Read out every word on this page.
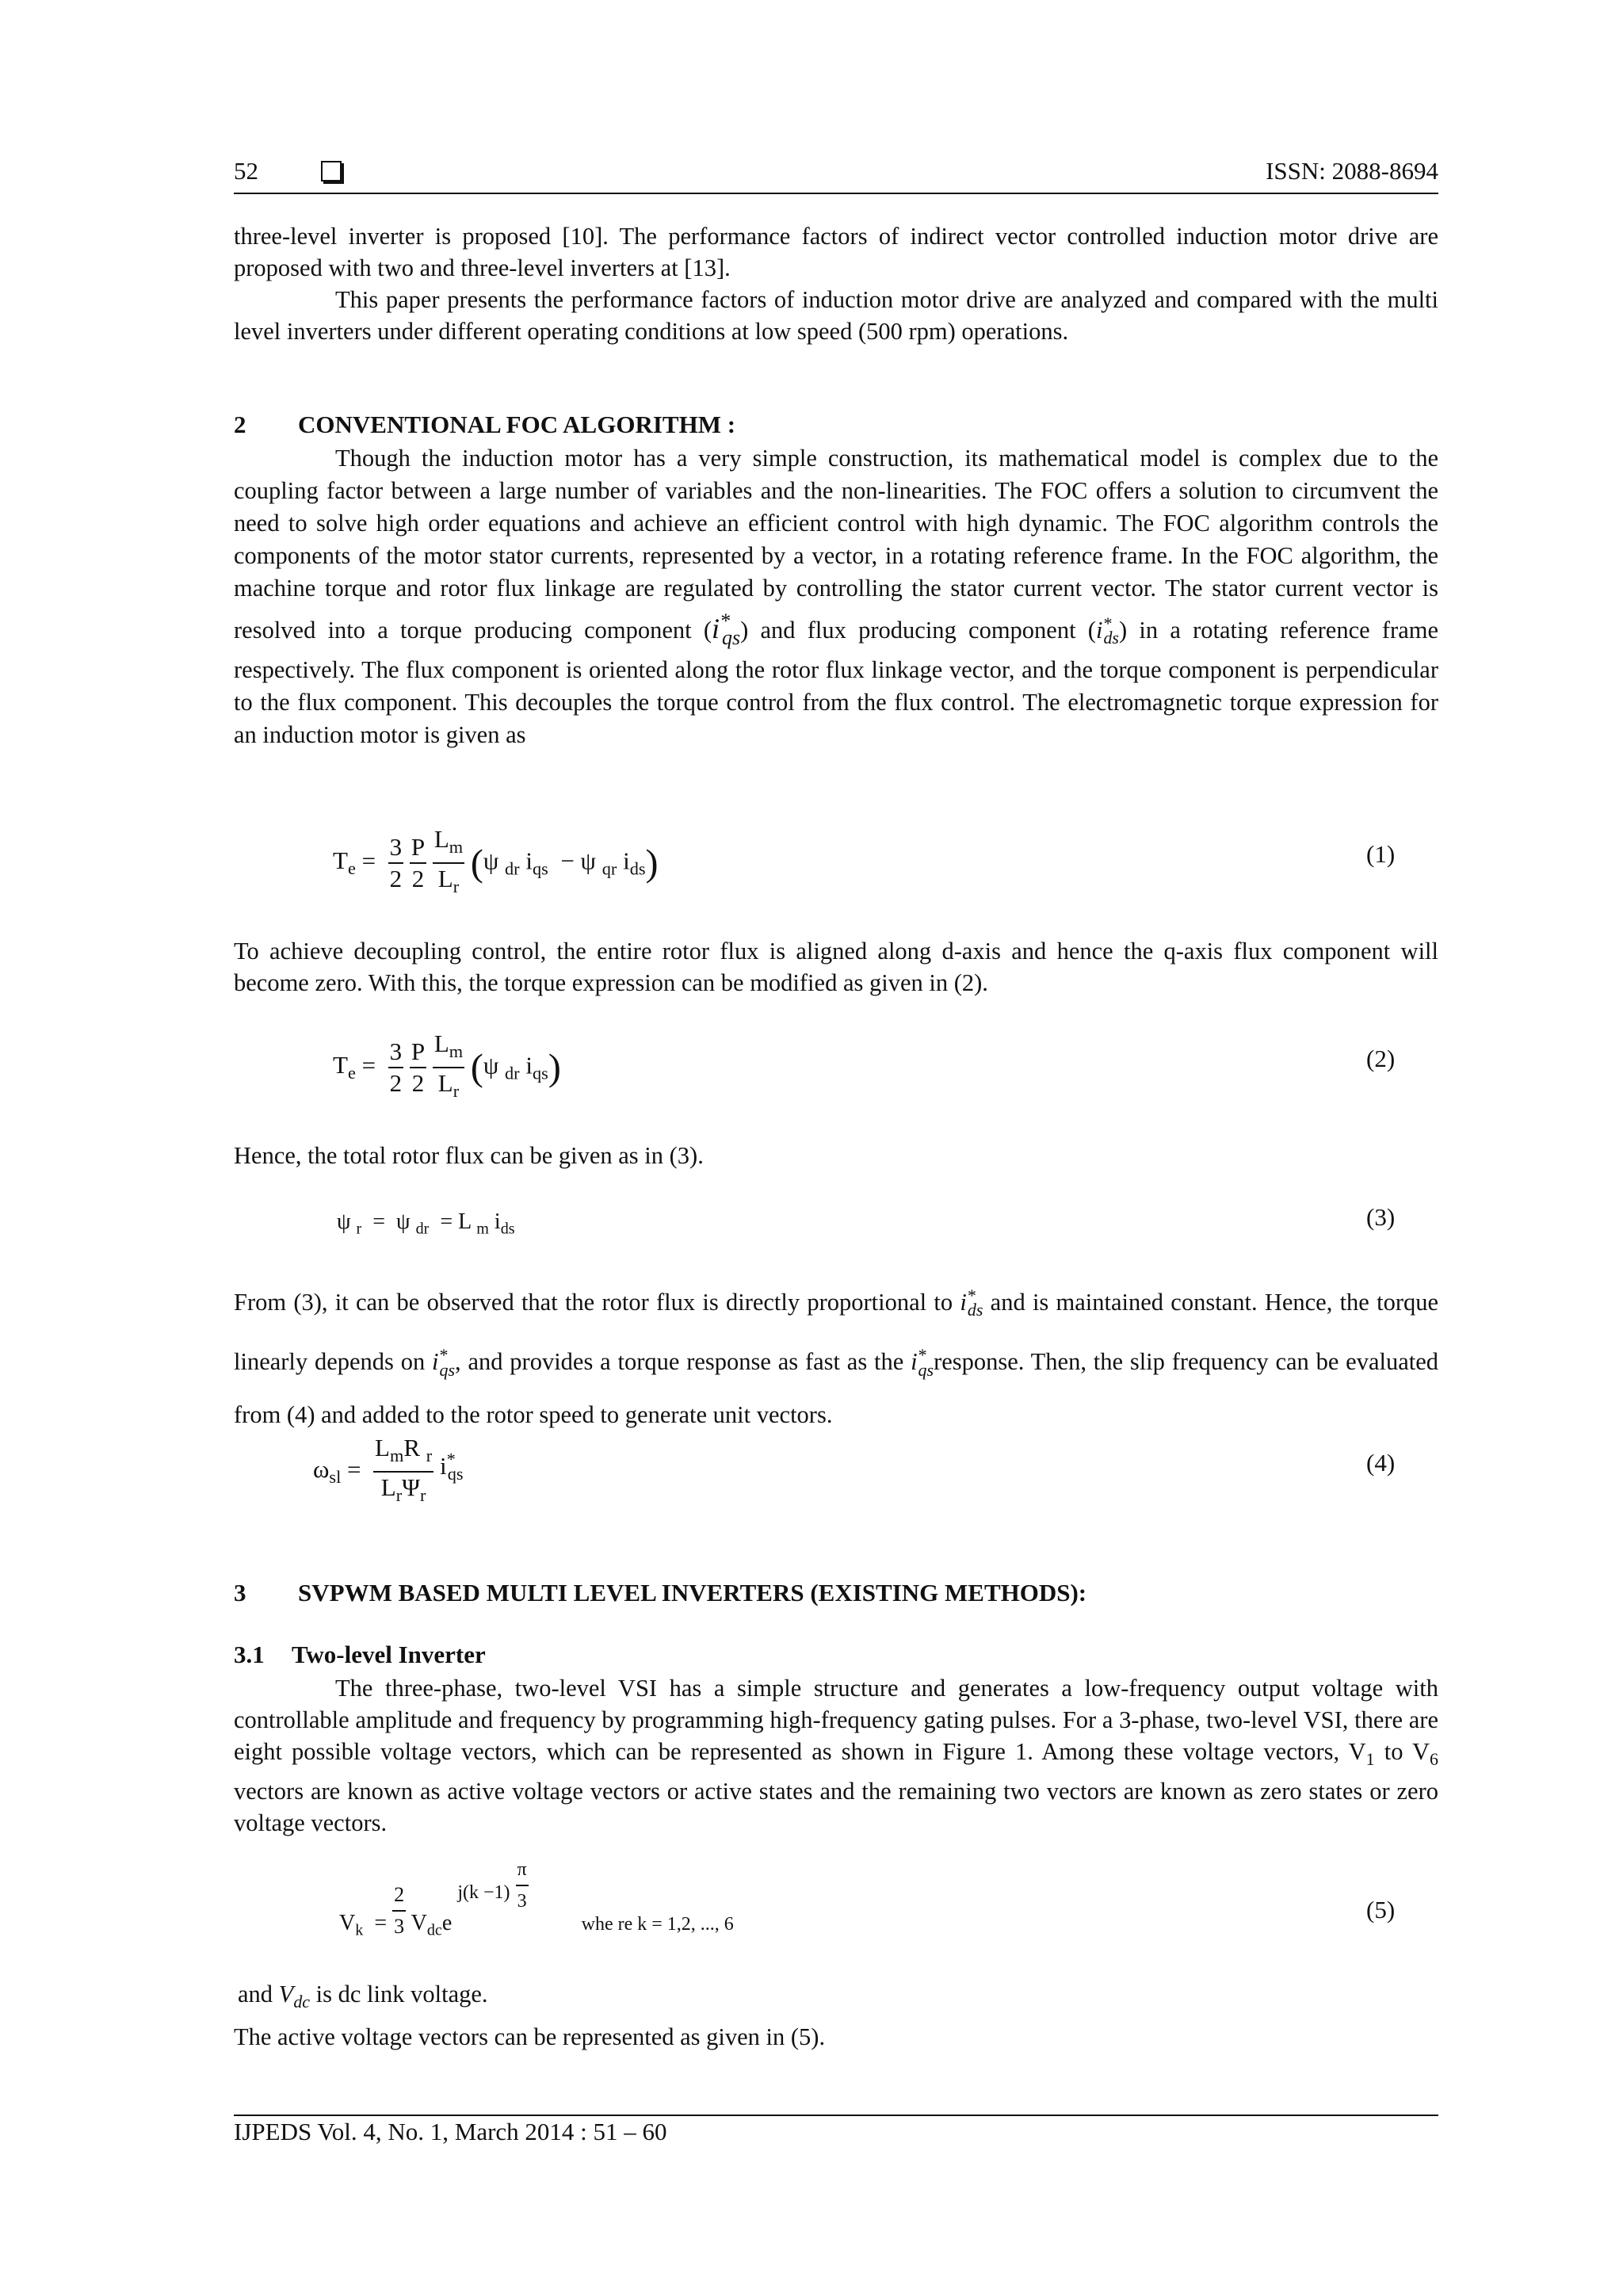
52	ISSN: 2088-8694

three-level inverter is proposed [10]. The performance factors of indirect vector controlled induction motor drive are proposed with two and three-level inverters at [13].

This paper presents the performance factors of induction motor drive are analyzed and compared with the multi level inverters under different operating conditions at low speed (500 rpm) operations.

2 CONVENTIONAL FOC ALGORITHM :

Though the induction motor has a very simple construction, its mathematical model is complex due to the coupling factor between a large number of variables and the non-linearities. The FOC offers a solution to circumvent the need to solve high order equations and achieve an efficient control with high dynamic. The FOC algorithm controls the components of the motor stator currents, represented by a vector, in a rotating reference frame. In the FOC algorithm, the machine torque and rotor flux linkage are regulated by controlling the stator current vector. The stator current vector is resolved into a torque producing component $(i^*_{qs})$ and flux producing component $(i^*_{ds})$ in a rotating reference frame respectively. The flux component is oriented along the rotor flux linkage vector, and the torque component is perpendicular to the flux component. This decouples the torque control from the flux control. The electromagnetic torque expression for an induction motor is given as

$T_e = \frac{3}{2}$
$\frac{P}{2}$
$\frac{L_m}{L_r} (\psi$ $_{dr}$ $i_{qs} - \psi$ $_{qr}$ $i_{ds}$)	(1)

To achieve decoupling control, the entire rotor flux is aligned along d-axis and hence the q-axis flux component will become zero. With this, the torque expression can be modified as given in (2).

$T_e = \frac{3}{2}$
$\frac{P}{2}$
$\frac{L_m}{L_r} (\psi$ $_{dr}$ $i_{qs}$)	(2)

Hence, the total rotor flux can be given as in (3).

ψ $_r$  =  ψ $_{dr}$  = L $_m$ $i_{ds}$	(3)

From (3), it can be observed that the rotor flux is directly proportional to $i^*_{ds}$ and is maintained constant. Hence, the torque linearly depends on $i^*_{qs}$, and provides a torque response as fast as the $i^*_{qs}response$. Then, the slip frequency can be evaluated from (4) and added to the rotor speed to generate unit vectors.

$\omega_{sl} = \frac{L_mR _r}{L_r\Psi_r} i^*_{qs}$	(4)
3 SVPWM BASED MULTI LEVEL INVERTERS (EXISTING METHODS):
3.1 Two-level Inverter

The three-phase, two-level VSI has a simple structure and generates a low-frequency output voltage with controllable amplitude and frequency by programming high-frequency gating pulses. For a 3-phase, two-level VSI, there are eight possible voltage vectors, which can be represented as shown in Figure 1. Among these voltage vectors, $V_1$ to $V_6$ vectors are known as active voltage vectors or active states and the remaining two vectors are known as zero states or zero voltage vectors.

$V_k = \frac{2}{3} V_{dc}e$ $j(k -1) \frac{\pi}{3}$
whe re k = 1,2, ..., 6
(5)

and $V_{dc}$ is dc link voltage.

The active voltage vectors can be represented as given in (5).

IJPEDS Vol. 4, No. 1, March 2014 : 51 – 60
